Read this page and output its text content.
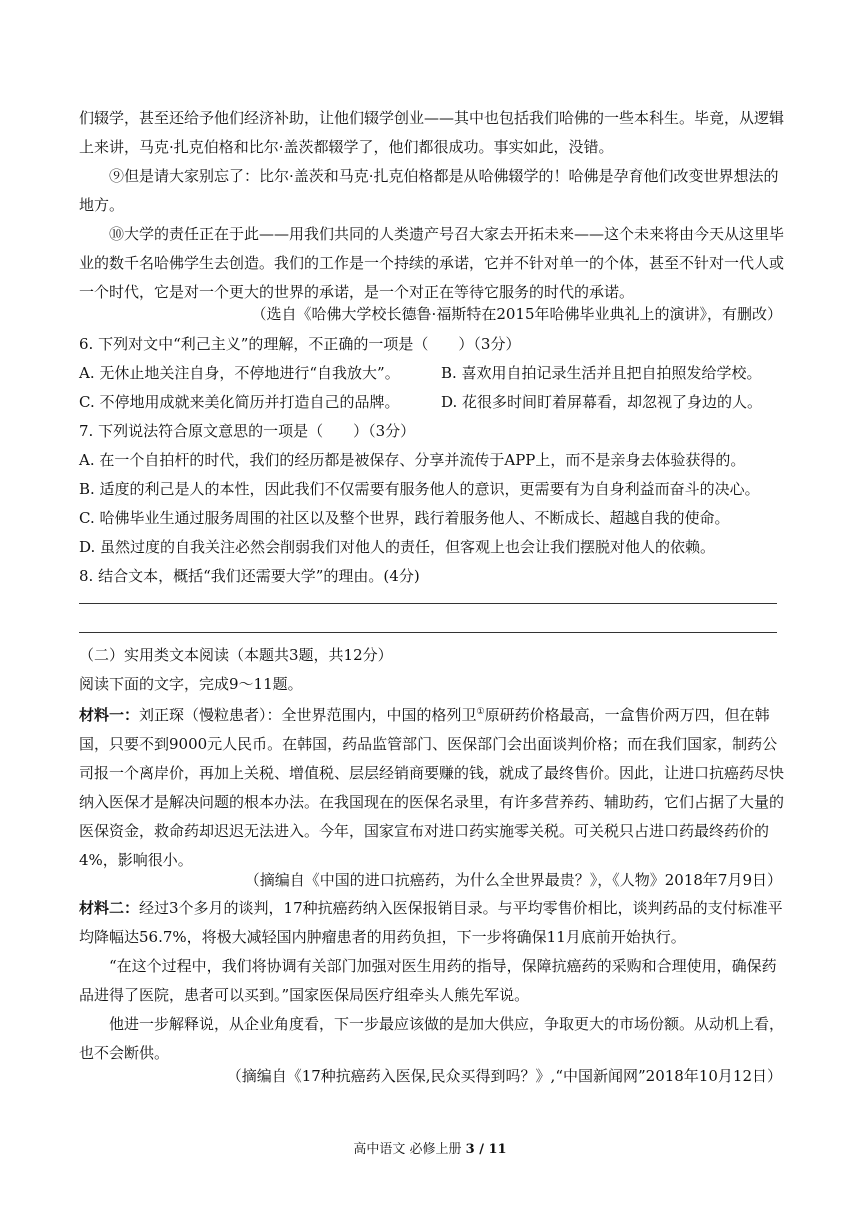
们辍学，甚至还给予他们经济补助，让他们辍学创业——其中也包括我们哈佛的一些本科生。毕竟，从逻辑上来讲，马克·扎克伯格和比尔·盖茨都辍学了，他们都很成功。事实如此，没错。
⑨但是请大家别忘了：比尔·盖茨和马克·扎克伯格都是从哈佛辍学的！哈佛是孕育他们改变世界想法的地方。
⑩大学的责任正在于此——用我们共同的人类遗产号召大家去开拓未来——这个未来将由今天从这里毕业的数千名哈佛学生去创造。我们的工作是一个持续的承诺，它并不针对单一的个体，甚至不针对一代人或一个时代，它是对一个更大的世界的承诺，是一个对正在等待它服务的时代的承诺。
（选自《哈佛大学校长德鲁·福斯特在2015年哈佛毕业典礼上的演讲》，有删改）
6. 下列对文中“利己主义”的理解，不正确的一项是（　　）（3分）
A. 无休止地关注自身，不停地进行“自我放大”。	B. 喜欢用自拍记录生活并且把自拍照发给学校。
C. 不停地用成就来美化简历并打造自己的品牌。	D. 花很多时间盯着屏幕看，却忽视了身边的人。
7. 下列说法符合原文意思的一项是（　　）（3分）
A. 在一个自拍杆的时代，我们的经历都是被保存、分享并流传于APP上，而不是亲身去体验获得的。
B. 适度的利己是人的本性，因此我们不仅需要有服务他人的意识，更需要有为自身利益而奋斗的决心。
C. 哈佛毕业生通过服务周围的社区以及整个世界，践行着服务他人、不断成长、超越自我的使命。
D. 虽然过度的自我关注必然会削弱我们对他人的责任，但客观上也会让我们摆脱对他人的依赖。
8. 结合文本，概括“我们还需要大学”的理由。(4分)
（二）实用类文本阅读（本题共3题，共12分）
阅读下面的文字，完成9～11题。
材料一：刘正琛（慢粒患者）：全世界范围内，中国的格列卫①原研药价格最高，一盒售价两万四，但在韩国，只要不到9000元人民币。在韩国，药品监管部门、医保部门会出面谈判价格；而在我们国家，制药公司报一个离岸价，再加上关税、增值税、层层经销商要赚的钱，就成了最终售价。因此，让进口抗癌药尽快纳入医保才是解决问题的根本办法。在我国现在的医保名录里，有许多营养药、辅助药，它们占据了大量的医保资金，救命药却迟迟无法进入。今年，国家宣布对进口药实施零关税。可关税只占进口药最终药价的4%，影响很小。
（摘编自《中国的进口抗癌药，为什么全世界最贵？》，《人物》2018年7月9日）
材料二：经过3个多月的谈判，17种抗癌药纳入医保报销目录。与平均零售价相比，谈判药品的支付标准平均降幅达56.7%，将极大减轻国内肿瘤患者的用药负担，下一步将确保11月底前开始执行。
“在这个过程中，我们将协调有关部门加强对医生用药的指导，保障抗癌药的采购和合理使用，确保药品进得了医院，患者可以买到。”国家医保局医疗组牵头人熊先军说。
他进一步解释说，从企业角度看，下一步最应该做的是加大供应，争取更大的市场份额。从动机上看，也不会断供。
（摘编自《17种抗癌药入医保,民众买得到吗？》,“中国新闻网”2018年10月12日）
高中语文 必修上册 3 / 11
